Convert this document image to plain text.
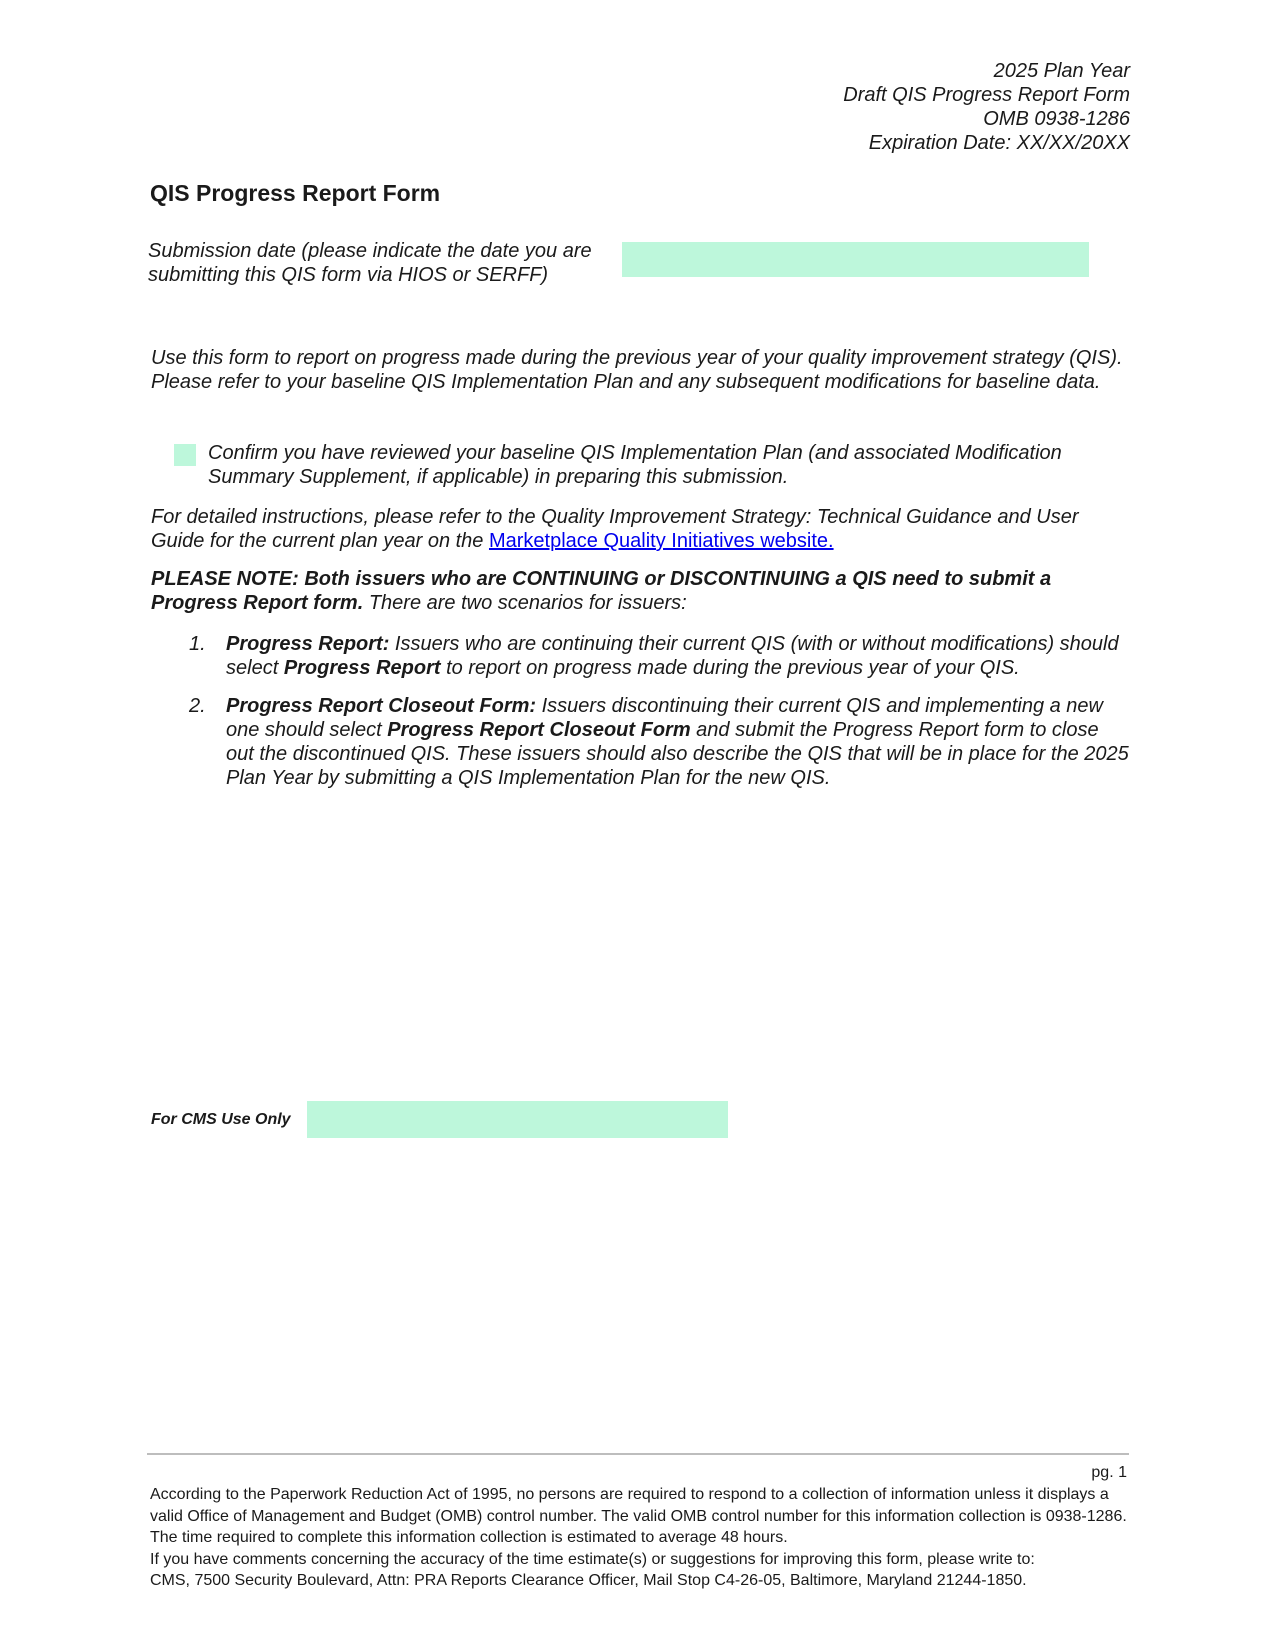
2025 Plan Year
Draft QIS Progress Report Form
OMB 0938-1286
Expiration Date: XX/XX/20XX
QIS Progress Report Form
Submission date (please indicate the date you are submitting this QIS form via HIOS or SERFF)

Use this form to report on progress made during the previous year of your quality improvement strategy (QIS). Please refer to your baseline QIS Implementation Plan and any subsequent modifications for baseline data.

Confirm you have reviewed your baseline QIS Implementation Plan (and associated Modification Summary Supplement, if applicable) in preparing this submission.

For detailed instructions, please refer to the Quality Improvement Strategy: Technical Guidance and User Guide for the current plan year on the Marketplace Quality Initiatives website.

PLEASE NOTE: Both issuers who are CONTINUING or DISCONTINUING a QIS need to submit a Progress Report form. There are two scenarios for issuers:

1. Progress Report: Issuers who are continuing their current QIS (with or without modifications) should select Progress Report to report on progress made during the previous year of your QIS.
2. Progress Report Closeout Form: Issuers discontinuing their current QIS and implementing a new one should select Progress Report Closeout Form and submit the Progress Report form to close out the discontinued QIS. These issuers should also describe the QIS that will be in place for the 2025 Plan Year by submitting a QIS Implementation Plan for the new QIS.
For CMS Use Only
pg. 1
According to the Paperwork Reduction Act of 1995, no persons are required to respond to a collection of information unless it displays a
valid Office of Management and Budget (OMB) control number. The valid OMB control number for this information collection is 0938-1286.
The time required to complete this information collection is estimated to average 48 hours.
If you have comments concerning the accuracy of the time estimate(s) or suggestions for improving this form, please write to:
CMS, 7500 Security Boulevard, Attn: PRA Reports Clearance Officer, Mail Stop C4-26-05, Baltimore, Maryland 21244-1850.
